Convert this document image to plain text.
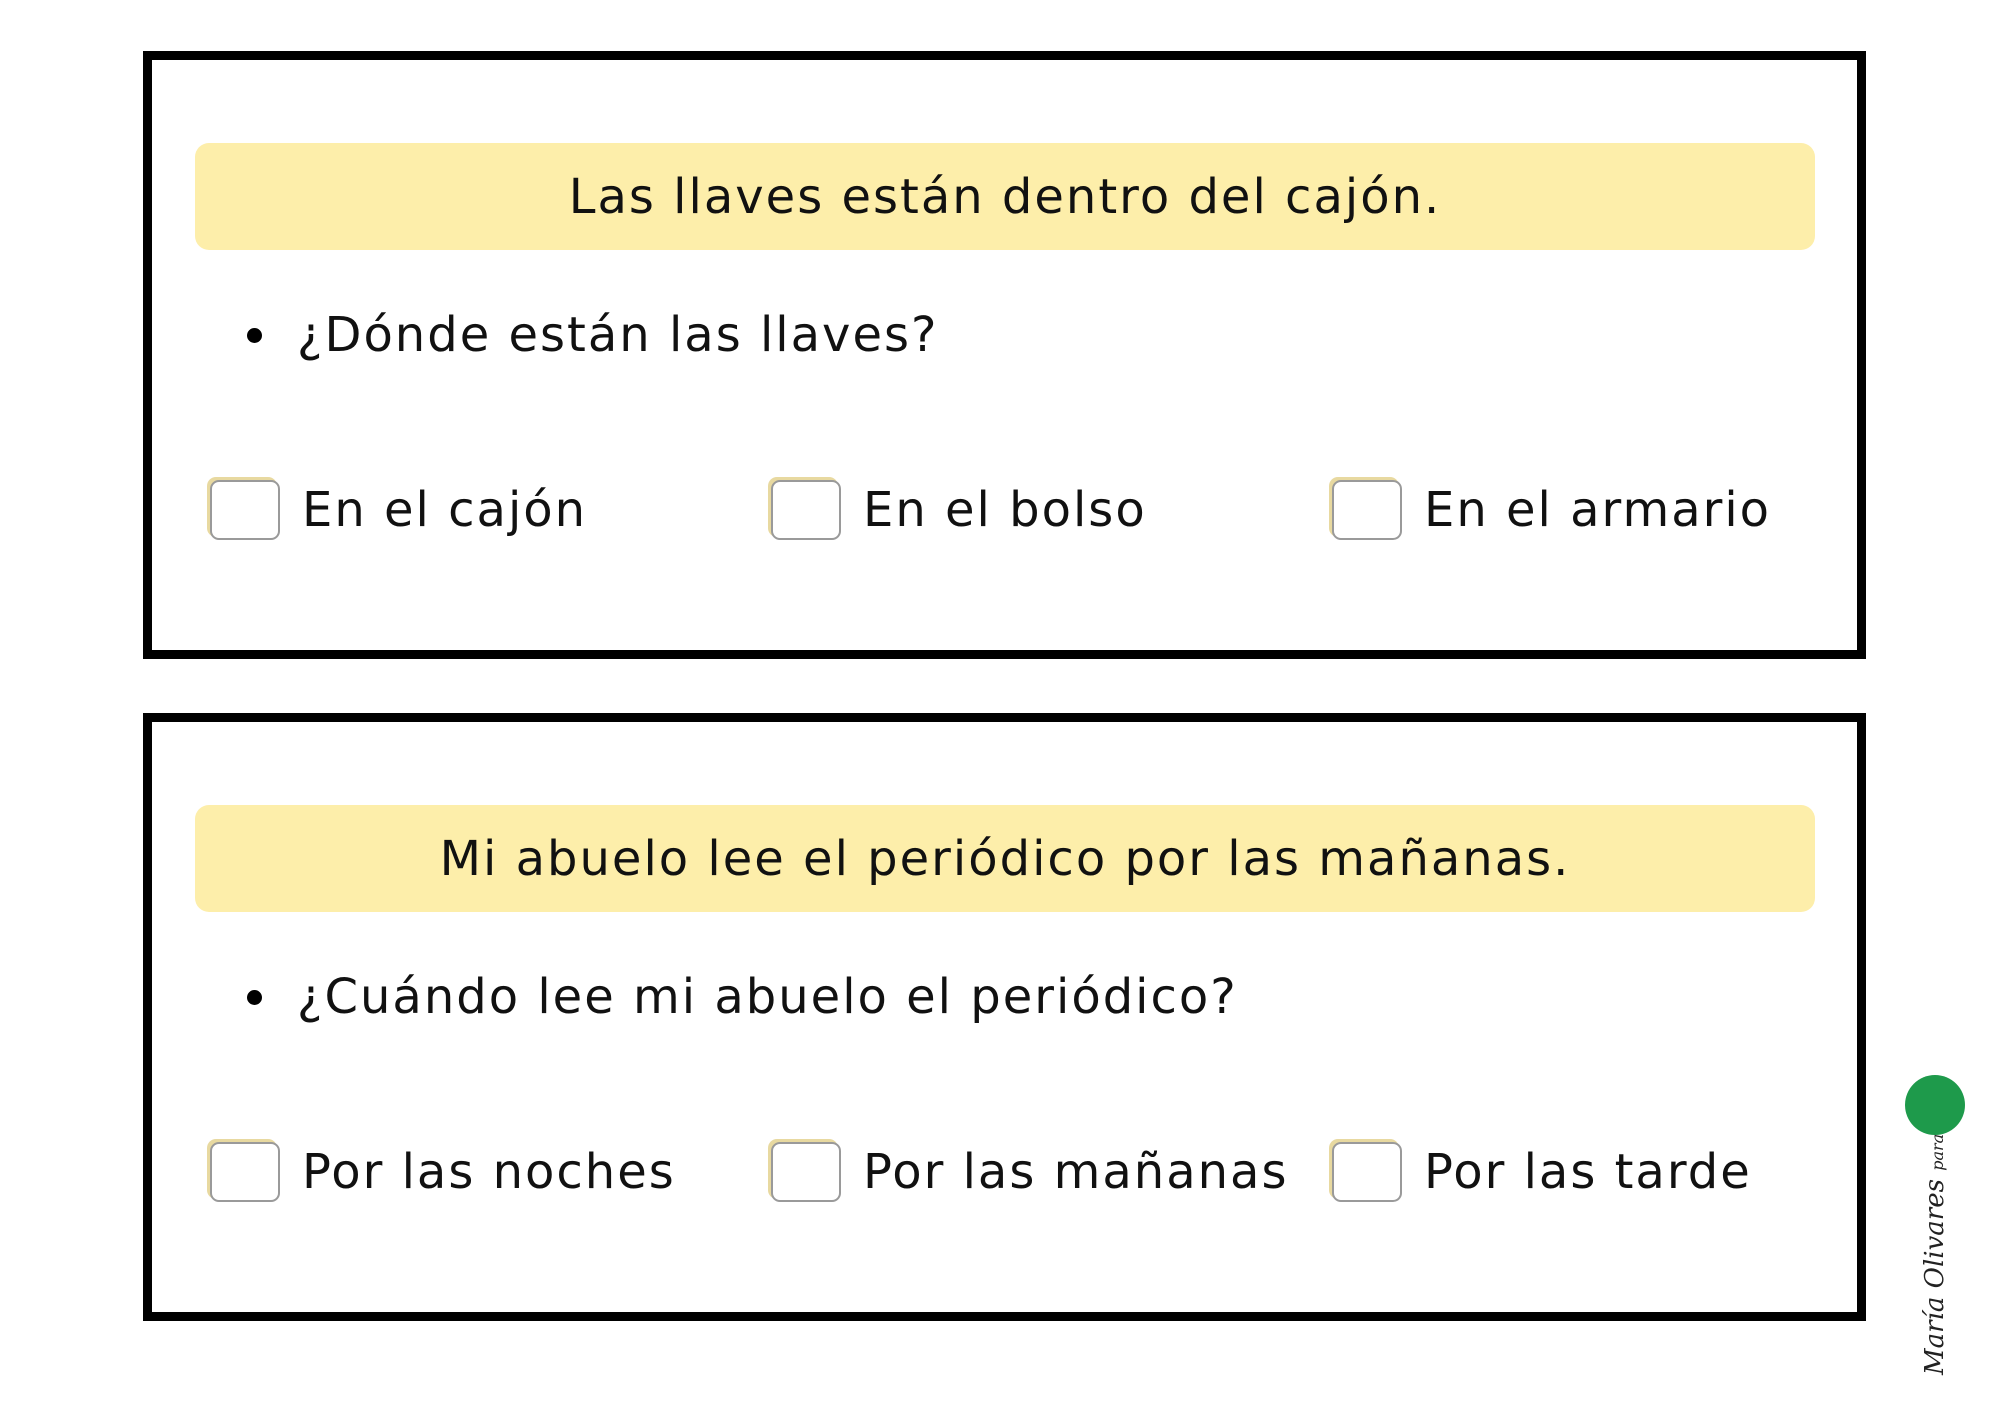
Las llaves están dentro del cajón.
¿Dónde están las llaves?
En el cajón	En el bolso	En el armario
Mi abuelo lee el periódico por las mañanas.
¿Cuándo lee mi abuelo el periódico?
Por las noches	Por las mañanas	Por las tarde
María Olivares para
